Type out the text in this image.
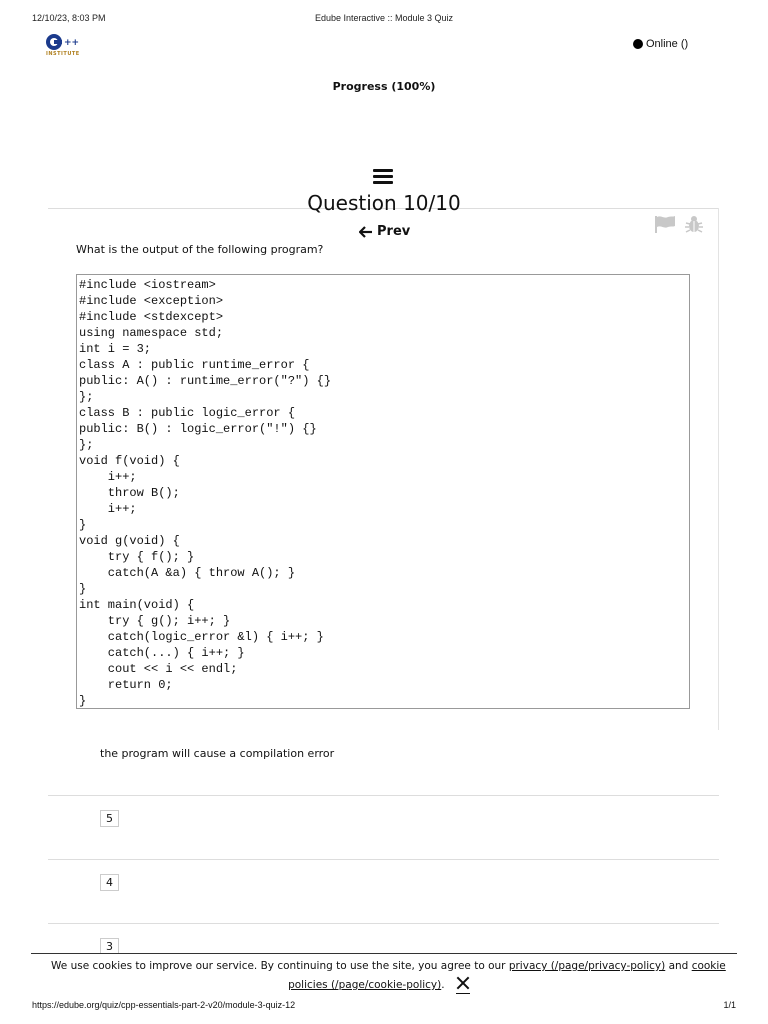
12/10/23, 8:03 PM	Edube Interactive :: Module 3 Quiz
++
INSTITUTE
Online ()
Progress (100%)
Question 10/10
Prev
What is the output of the following program?
#include <iostream>
#include <exception>
#include <stdexcept>
using namespace std;
int i = 3;
class A : public runtime_error {
public: A() : runtime_error("?") {}
};
class B : public logic_error {
public: B() : logic_error("!") {}
};
void f(void) {
i++;
throw B();
i++;
}
void g(void) {
try { f(); }
catch(A &a) { throw A(); }
}
int main(void) {
try { g(); i++; }
catch(logic_error &l) { i++; }
catch(...) { i++; }
cout << i << endl;
return 0;
}
the program will cause a compilation error
5
4
3
We use cookies to improve our service. By continuing to use the site, you agree to our privacy (/page/privacy-policy) and cookie
policies (/page/cookie-policy).
https://edube.org/quiz/cpp-essentials-part-2-v20/module-3-quiz-12	1/1
